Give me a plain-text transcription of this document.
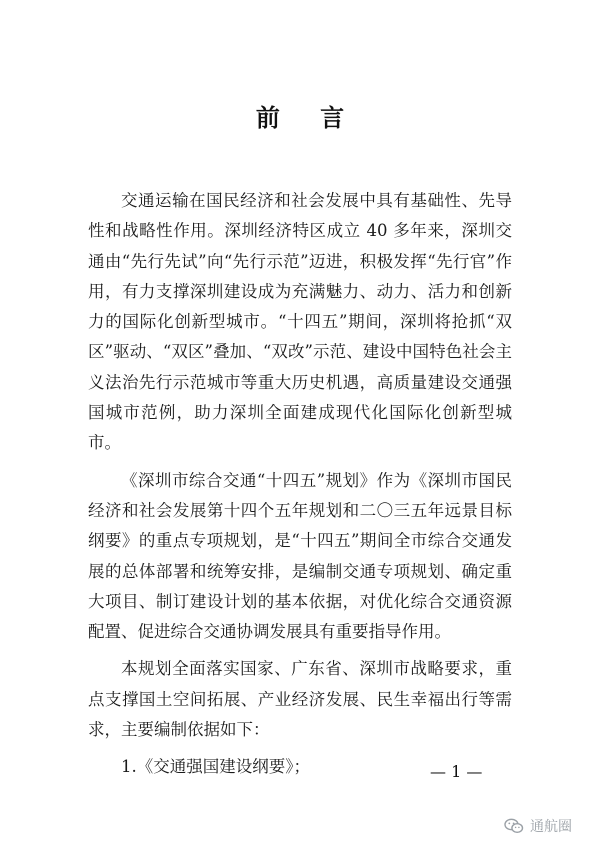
前 言

交通运输在国民经济和社会发展中具有基础性、先导性和战略性作用。深圳经济特区成立 40 多年来，深圳交通由“先行先试”向“先行示范”迈进，积极发挥“先行官”作用，有力支撑深圳建设成为充满魅力、动力、活力和创新力的国际化创新型城市。“十四五”期间，深圳将抢抓“双区”驱动、“双区”叠加、“双改”示范、建设中国特色社会主义法治先行示范城市等重大历史机遇，高质量建设交通强国城市范例，助力深圳全面建成现代化国际化创新型城市。

《深圳市综合交通“十四五”规划》作为《深圳市国民经济和社会发展第十四个五年规划和二〇三五年远景目标纲要》的重点专项规划，是“十四五”期间全市综合交通发展的总体部署和统筹安排，是编制交通专项规划、确定重大项目、制订建设计划的基本依据，对优化综合交通资源配置、促进综合交通协调发展具有重要指导作用。

本规划全面落实国家、广东省、深圳市战略要求，重点支撑国土空间拓展、产业经济发展、民生幸福出行等需求，主要编制依据如下：

1.《交通强国建设纲要》；	— 1 —
通航圈
